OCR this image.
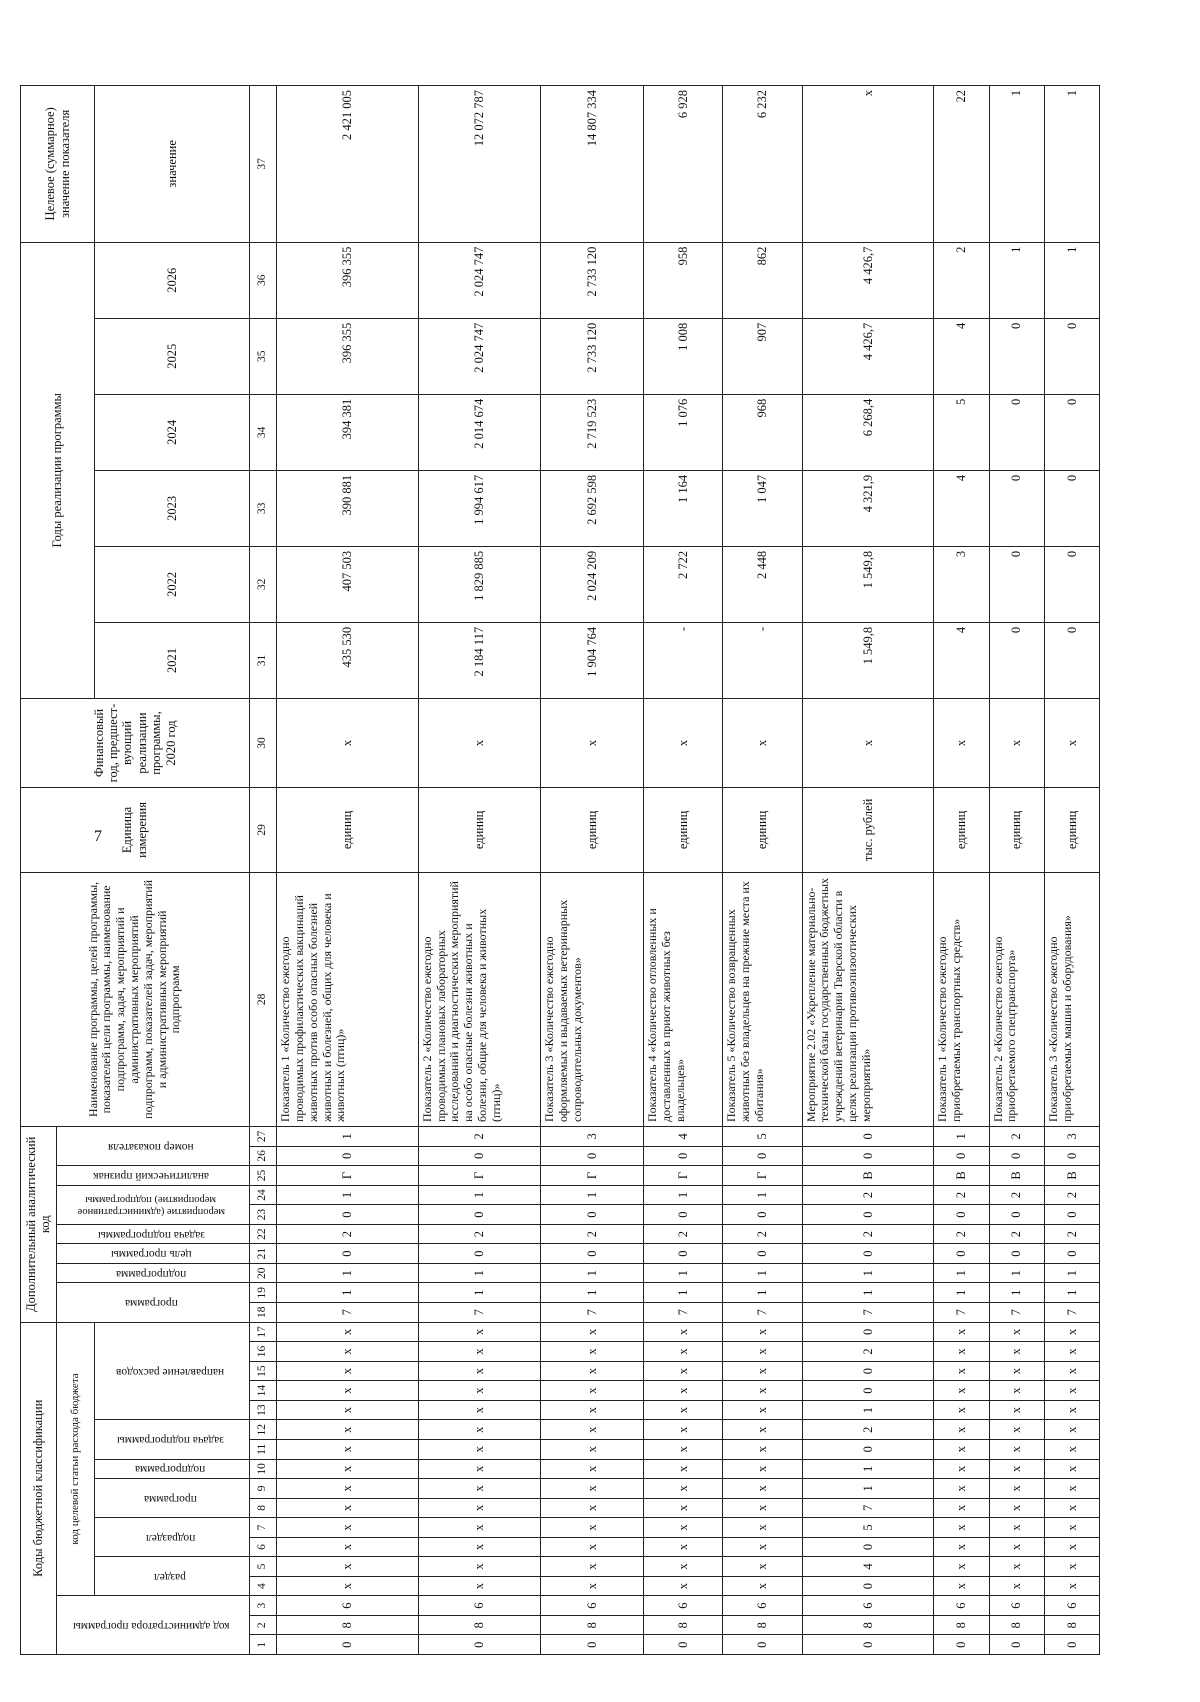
7
Коды бюджетной классификации																	Дополнительный аналитический код										Наименование программы, целей программы, показателей цели программы, наименование подпрограмм, задач, мероприятий и административных мероприятий подпрограмм, показателей задач, мероприятий и административных мероприятий подпрограмм	Единица измерения	Финансовый год, предшест- вующий реализации программы, 2020 год	Годы реализации программы						Целевое (суммарное) значение показателя
код администратора программы			код целевой статьи расхода бюджета														программа		подпрограмма	цель программы	задача подпрограммы	мероприятие (административное мероприятие) подпрограммы		аналитический признак	номер показателя											
			раздел		подраздел		программа		подпрограмма	задача подпрограммы		направление расходов																		2021	2022	2023	2024	2025	2026	значение
1	2	3	4	5	6	7	8	9	10	11	12	13	14	15	16	17	18	19	20	21	22	23	24	25	26	27	28	29	30	31	32	33	34	35	36	37
0	8	6	х	х	х	х	х	х	х	х	х	х	х	х	х	х	7	1	1	0	2	0	1	Г	0	1	Показатель 1 «Количество ежегодно проводимых профилактических вакцинаций животных против особо опасных болезней животных и болезней, общих для человека и животных (птиц)»	единиц	х	435 530	407 503	390 881	394 381	396 355	396 355	2 421 005
0	8	6	х	х	х	х	х	х	х	х	х	х	х	х	х	х	7	1	1	0	2	0	1	Г	0	2	Показатель 2 «Количество ежегодно проводимых плановых лабораторных исследований и диагностических мероприятий на особо опасные болезни животных и болезни, общие для человека и животных (птиц)»	единиц	х	2 184 117	1 829 885	1 994 617	2 014 674	2 024 747	2 024 747	12 072 787
0	8	6	х	х	х	х	х	х	х	х	х	х	х	х	х	х	7	1	1	0	2	0	1	Г	0	3	Показатель 3 «Количество ежегодно оформляемых и выдаваемых ветеринарных сопроводительных документов»	единиц	х	1 904 764	2 024 209	2 692 598	2 719 523	2 733 120	2 733 120	14 807 334
0	8	6	х	х	х	х	х	х	х	х	х	х	х	х	х	х	7	1	1	0	2	0	1	Г	0	4	Показатель 4 «Количество отловленных и доставленных в приют животных без владельцев»	единиц	х	-	2 722	1 164	1 076	1 008	958	6 928
0	8	6	х	х	х	х	х	х	х	х	х	х	х	х	х	х	7	1	1	0	2	0	1	Г	0	5	Показатель 5 «Количество возвращенных животных без владельцев на прежние места их обитания»	единиц	х	-	2 448	1 047	968	907	862	6 232
0	8	6	0	4	0	5	7	1	1	0	2	1	0	0	2	0	7	1	1	0	2	0	2	В	0	0	Мероприятие 2.02 «Укрепление материально-технической базы государственных бюджетных учреждений ветеринарии Тверской области в целях реализации противоэпизоотических мероприятий»	тыс. рублей	х	1 549,8	1 549,8	4 321,9	6 268,4	4 426,7	4 426,7	х
0	8	6	х	х	х	х	х	х	х	х	х	х	х	х	х	х	7	1	1	0	2	0	2	В	0	1	Показатель 1 «Количество ежегодно приобретаемых транспортных средств»	единиц	х	4	3	4	5	4	2	22
0	8	6	х	х	х	х	х	х	х	х	х	х	х	х	х	х	7	1	1	0	2	0	2	В	0	2	Показатель 2 «Количество ежегодно приобретаемого спецтранспорта»	единиц	х	0	0	0	0	0	1	1
0	8	6	х	х	х	х	х	х	х	х	х	х	х	х	х	х	7	1	1	0	2	0	2	В	0	3	Показатель 3 «Количество ежегодно приобретаемых машин и оборудования»	единиц	х	0	0	0	0	0	1	1
